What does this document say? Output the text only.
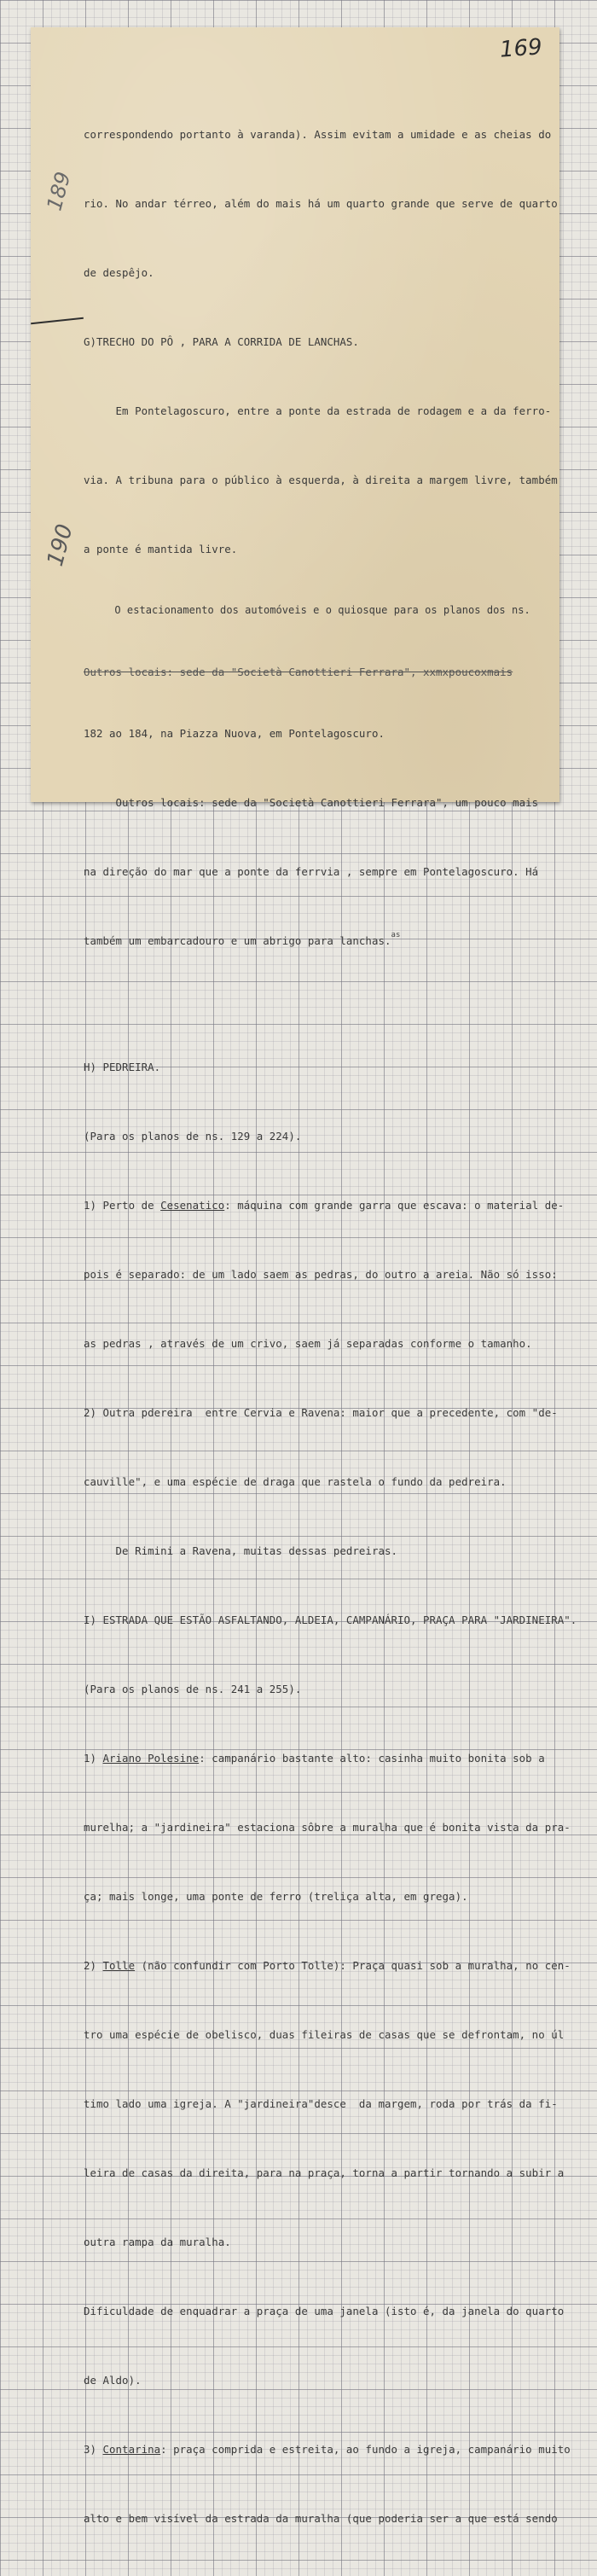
169
189
190

correspondendo portanto à varanda). Assim evitam a umidade e as cheias do

rio. No andar térreo, além do mais há um quarto grande que serve de quarto

de despêjo.

G)TRECHO DO PÔ , PARA A CORRIDA DE LANCHAS.

Em Pontelagoscuro, entre a ponte da estrada de rodagem e a da ferro-

via. A tribuna para o público à esquerda, à direita a margem livre, também

a ponte é mantida livre.

O estacionamento dos automóveis e o quiosque para os planos dos ns.

Outros locais: sede da "Società Canottieri Ferrara", xxmxpoucoxmais

182 ao 184, na Piazza Nuova, em Pontelagoscuro.

Outros locais: sede da "Società Canottieri Ferrara", um pouco mais

na direção do mar que a ponte da ferrvia , sempre em Pontelagoscuro. Há

também um embarcadouro e um abrigo para lanchas.$^{as}$

H) PEDREIRA.

(Para os planos de ns. 129 a 224).

1) Perto de Cesenatico: máquina com grande garra que escava: o material de-

pois é separado: de um lado saem as pedras, do outro a areia. Não só isso:

as pedras , através de um crivo, saem já separadas conforme o tamanho.

2) Outra pdereira  entre Cervia e Ravena: maior que a precedente, com "de-

cauville", e uma espécie de draga que rastela o fundo da pedreira.

De Rimini a Ravena, muitas dessas pedreiras.

I) ESTRADA QUE ESTÃO ASFALTANDO, ALDEIA, CAMPANÁRIO, PRAÇA PARA "JARDINEIRA".

(Para os planos de ns. 241 a 255).

1) Ariano Polesine: campanário bastante alto: casinha muito bonita sob a

murelha; a "jardineira" estaciona sôbre a muralha que é bonita vista da pra-

ça; mais longe, uma ponte de ferro (treliça alta, em grega).

2) Tolle (não confundir com Porto Tolle): Praça quasi sob a muralha, no cen-

tro uma espécie de obelisco, duas fileiras de casas que se defrontam, no úl

timo lado uma igreja. A "jardineira"desce  da margem, roda por trás da fi-

leira de casas da direita, para na praça, torna a partir tornando a subir a

outra rampa da muralha.

Dificuldade de enquadrar a praça de uma janela (isto é, da janela do quarto

de Aldo).

3) Contarina: praça comprida e estreita, ao fundo a igreja, campanário muito

alto e bem visível da estrada da muralha (que poderia ser a que está sendo
